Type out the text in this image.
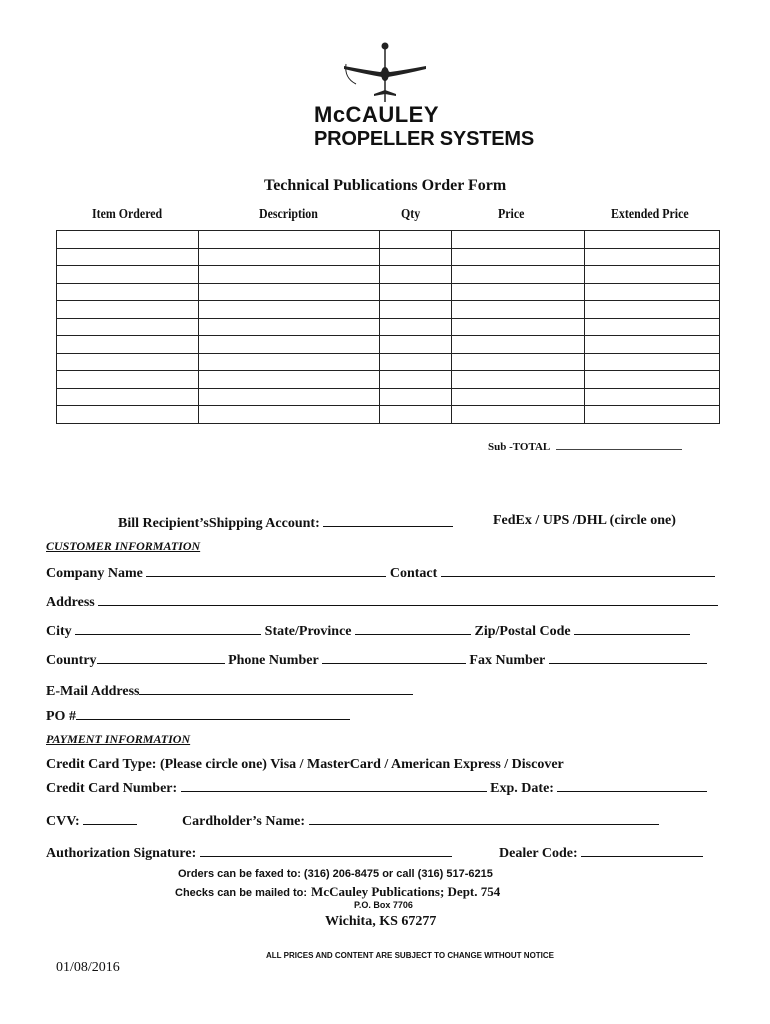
McCAULEY
PROPELLER SYSTEMS
Technical Publications Order Form
Item Ordered	Description	Qty	Price	Extended Price

Sub -TOTAL
Bill Recipient’sShipping Account:	FedEx / UPS /DHL (circle one)
CUSTOMER INFORMATION
Company Name	Contact
Address
City	State/Province	Zip/Postal Code
Country	Phone Number	Fax Number
E-Mail Address
PO #
PAYMENT INFORMATION
Credit Card Type: (Please circle one) Visa / MasterCard / American Express / Discover
Credit Card Number:	Exp. Date:
CVV:	Cardholder’s Name:
Authorization Signature:	Dealer Code:
Orders can be faxed to: (316) 206-8475 or call (316) 517-6215
Checks can be mailed to: McCauley Publications; Dept. 754
P.O. Box 7706
Wichita, KS 67277
ALL PRICES AND CONTENT ARE SUBJECT TO CHANGE WITHOUT NOTICE
01/08/2016
